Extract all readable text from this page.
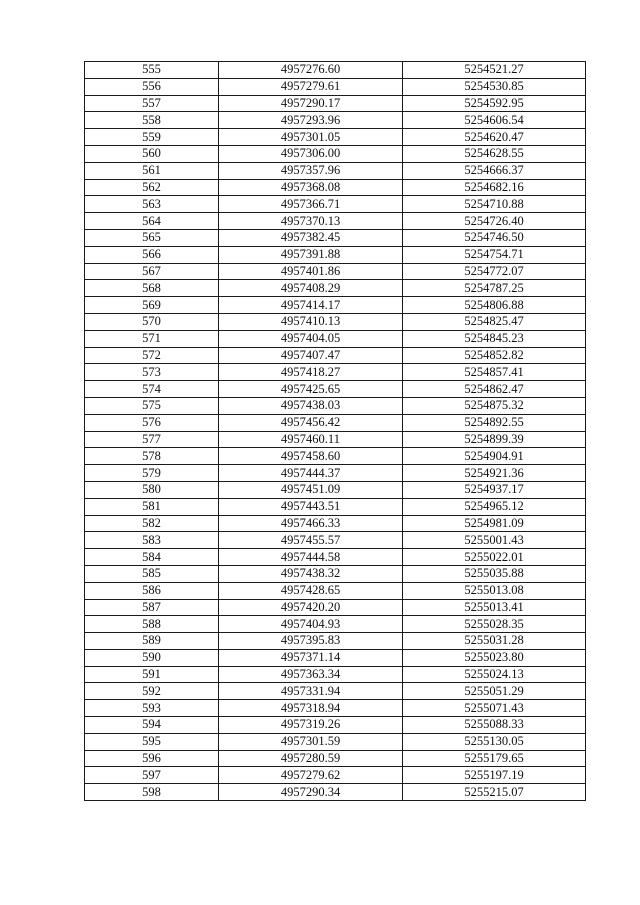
555	4957276.60	5254521.27
556	4957279.61	5254530.85
557	4957290.17	5254592.95
558	4957293.96	5254606.54
559	4957301.05	5254620.47
560	4957306.00	5254628.55
561	4957357.96	5254666.37
562	4957368.08	5254682.16
563	4957366.71	5254710.88
564	4957370.13	5254726.40
565	4957382.45	5254746.50
566	4957391.88	5254754.71
567	4957401.86	5254772.07
568	4957408.29	5254787.25
569	4957414.17	5254806.88
570	4957410.13	5254825.47
571	4957404.05	5254845.23
572	4957407.47	5254852.82
573	4957418.27	5254857.41
574	4957425.65	5254862.47
575	4957438.03	5254875.32
576	4957456.42	5254892.55
577	4957460.11	5254899.39
578	4957458.60	5254904.91
579	4957444.37	5254921.36
580	4957451.09	5254937.17
581	4957443.51	5254965.12
582	4957466.33	5254981.09
583	4957455.57	5255001.43
584	4957444.58	5255022.01
585	4957438.32	5255035.88
586	4957428.65	5255013.08
587	4957420.20	5255013.41
588	4957404.93	5255028.35
589	4957395.83	5255031.28
590	4957371.14	5255023.80
591	4957363.34	5255024.13
592	4957331.94	5255051.29
593	4957318.94	5255071.43
594	4957319.26	5255088.33
595	4957301.59	5255130.05
596	4957280.59	5255179.65
597	4957279.62	5255197.19
598	4957290.34	5255215.07
